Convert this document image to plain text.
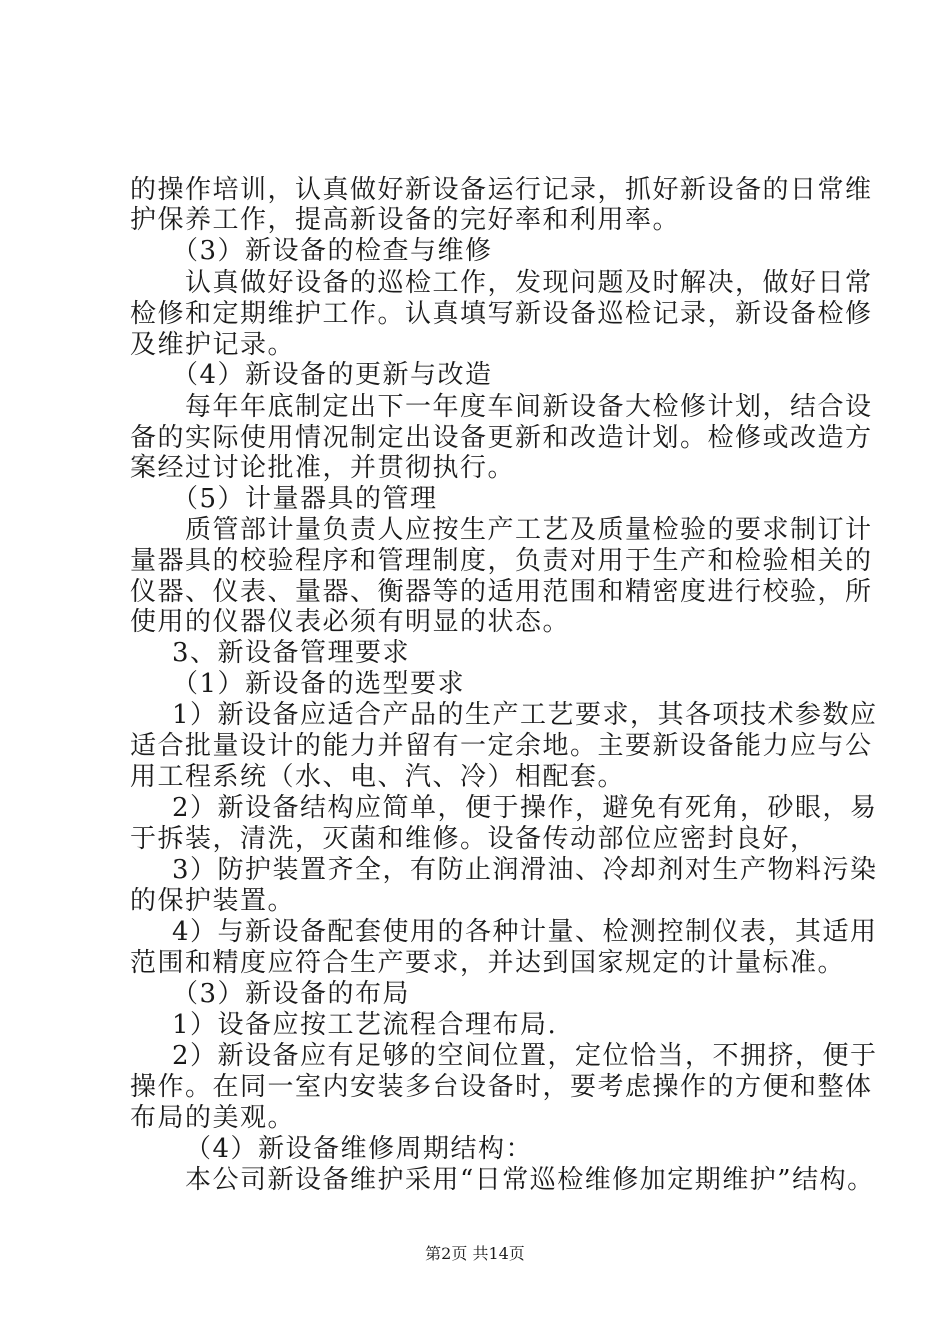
的操作培训，认真做好新设备运行记录，抓好新设备的日常维
护保养工作，提高新设备的完好率和利用率。
（3）新设备的检查与维修
认真做好设备的巡检工作，发现问题及时解决，做好日常
检修和定期维护工作。认真填写新设备巡检记录，新设备检修
及维护记录。
（4）新设备的更新与改造
每年年底制定出下一年度车间新设备大检修计划，结合设
备的实际使用情况制定出设备更新和改造计划。检修或改造方
案经过讨论批准，并贯彻执行。
（5）计量器具的管理
质管部计量负责人应按生产工艺及质量检验的要求制订计
量器具的校验程序和管理制度，负责对用于生产和检验相关的
仪器、仪表、量器、衡器等的适用范围和精密度进行校验，所
使用的仪器仪表必须有明显的状态。
3、新设备管理要求
（1）新设备的选型要求
1）新设备应适合产品的生产工艺要求，其各项技术参数应
适合批量设计的能力并留有一定余地。主要新设备能力应与公
用工程系统（水、电、汽、冷）相配套。
2）新设备结构应简单，便于操作，避免有死角，砂眼，易
于拆装，清洗，灭菌和维修。设备传动部位应密封良好，
3）防护装置齐全，有防止润滑油、冷却剂对生产物料污染
的保护装置。
4）与新设备配套使用的各种计量、检测控制仪表，其适用
范围和精度应符合生产要求，并达到国家规定的计量标准。
（3）新设备的布局
1）设备应按工艺流程合理布局.
2）新设备应有足够的空间位置，定位恰当，不拥挤，便于
操作。在同一室内安装多台设备时，要考虑操作的方便和整体
布局的美观。
（4）新设备维修周期结构：
本公司新设备维护采用“日常巡检维修加定期维护”结构。
第2页 共14页
